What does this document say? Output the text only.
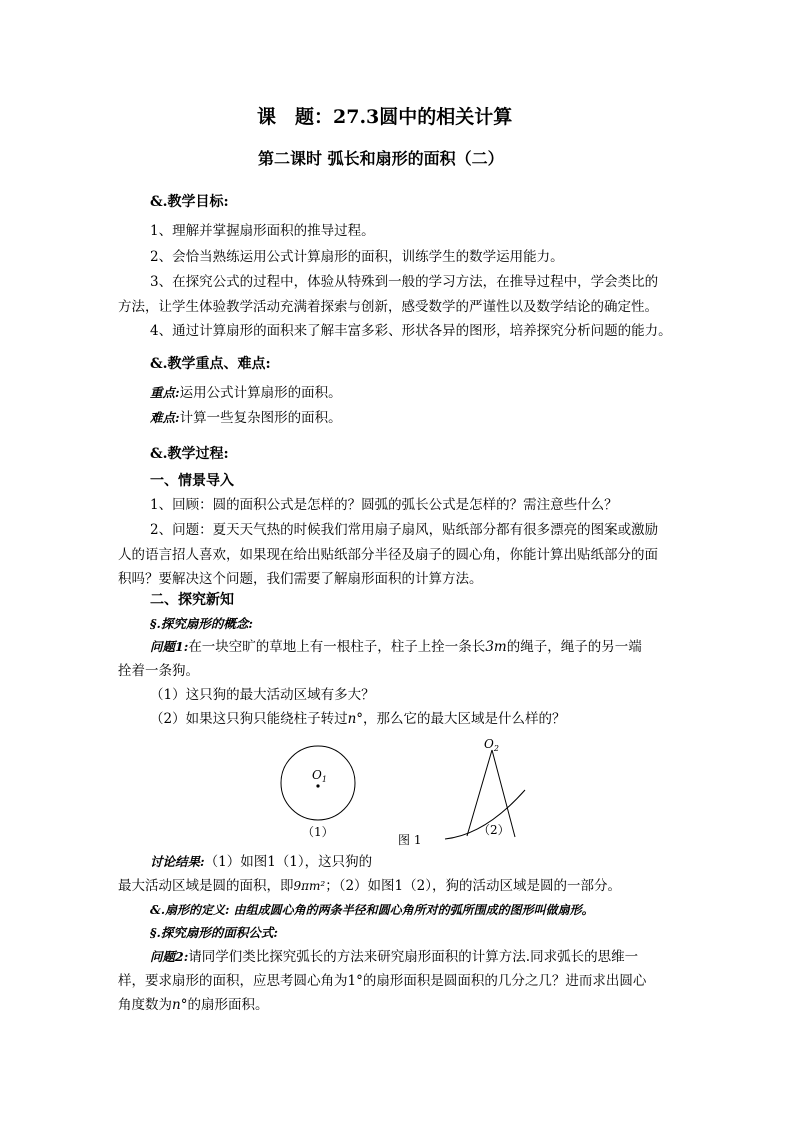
课　题：27.3圆中的相关计算
第二课时 弧长和扇形的面积（二）
&.教学目标:
1、理解并掌握扇形面积的推导过程。
2、会恰当熟练运用公式计算扇形的面积，训练学生的数学运用能力。
3、在探究公式的过程中，体验从特殊到一般的学习方法，在推导过程中，学会类比的
方法，让学生体验教学活动充满着探索与创新，感受数学的严谨性以及数学结论的确定性。
4、通过计算扇形的面积来了解丰富多彩、形状各异的图形，培养探究分析问题的能力。
&.教学重点、难点:
重点:运用公式计算扇形的面积。
难点:计算一些复杂图形的面积。
&.教学过程:
一、情景导入
1、回顾：圆的面积公式是怎样的？圆弧的弧长公式是怎样的？需注意些什么？
2、问题：夏天天气热的时候我们常用扇子扇风，贴纸部分都有很多漂亮的图案或激励
人的语言招人喜欢，如果现在给出贴纸部分半径及扇子的圆心角，你能计算出贴纸部分的面
积吗？要解决这个问题，我们需要了解扇形面积的计算方法。
二、探究新知
§.探究扇形的概念:
问题1:在一块空旷的草地上有一根柱子，柱子上拴一条长3m的绳子，绳子的另一端
拴着一条狗。
（1）这只狗的最大活动区域有多大？
（2）如果这只狗只能绕柱子转过n°，那么它的最大区域是什么样的？
$O_1$
$O_2$
（1）	（2）
图 1
讨论结果:（1）如图1（1），这只狗的
最大活动区域是圆的面积，即9πm²；（2）如图1（2），狗的活动区域是圆的一部分。
&.扇形的定义: 由组成圆心角的两条半径和圆心角所对的弧所围成的图形叫做扇形。
§.探究扇形的面积公式:
问题2:请同学们类比探究弧长的方法来研究扇形面积的计算方法.同求弧长的思维一
样，要求扇形的面积，应思考圆心角为1°的扇形面积是圆面积的几分之几？进而求出圆心
角度数为n°的扇形面积。
